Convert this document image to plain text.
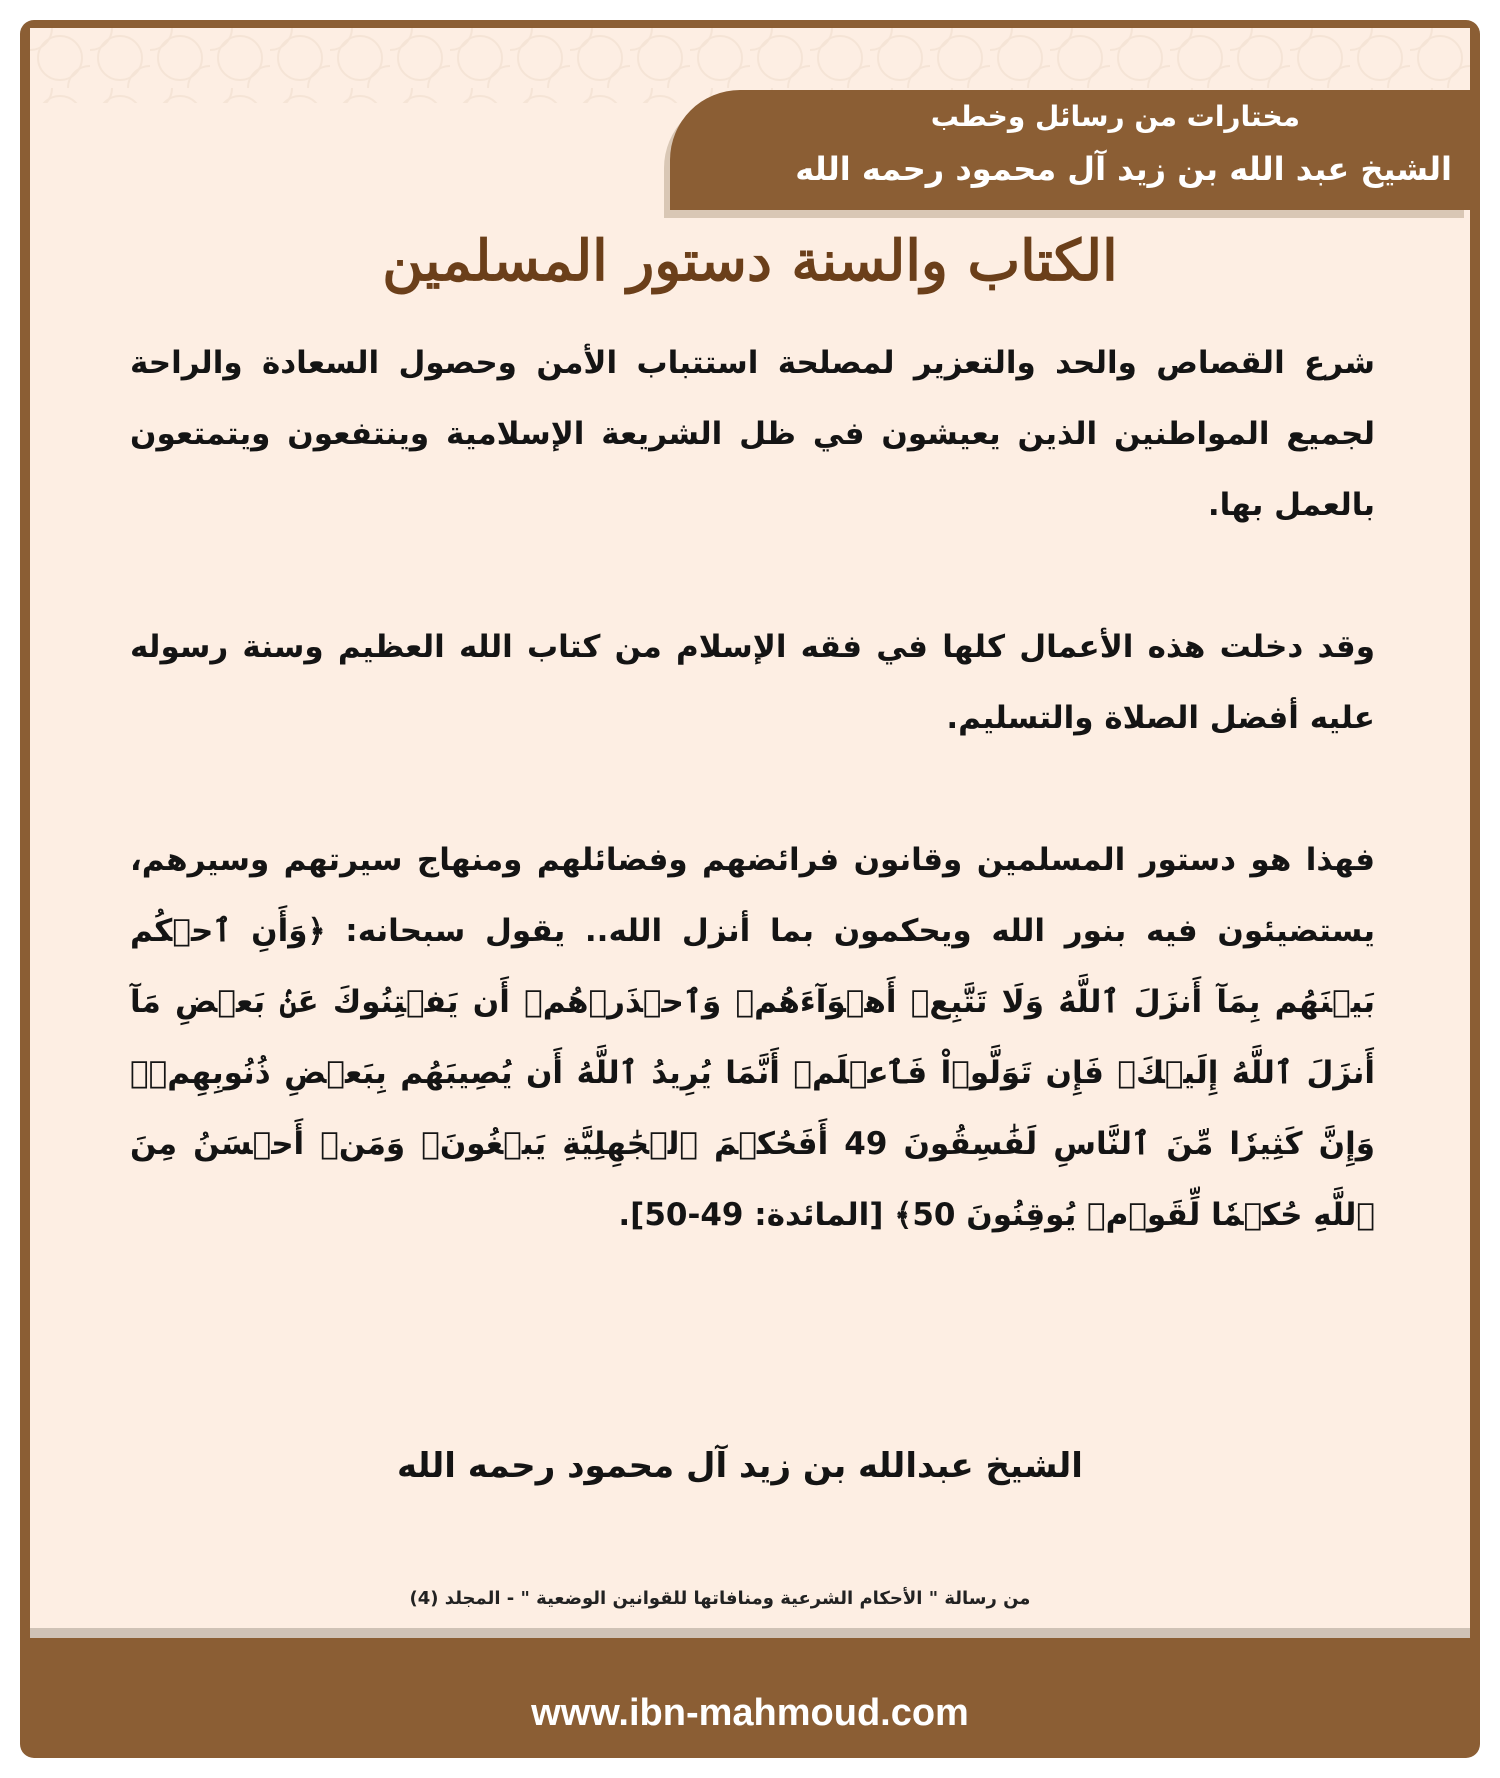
مختارات من رسائل وخطب
الشيخ عبد الله بن زيد آل محمود رحمه الله
الكتاب والسنة دستور المسلمين

شرع القصاص والحد والتعزير لمصلحة استتباب الأمن وحصول السعادة والراحة لجميع المواطنين الذين يعيشون في ظل الشريعة الإسلامية وينتفعون ويتمتعون بالعمل بها.

وقد دخلت هذه الأعمال كلها في فقه الإسلام من كتاب الله العظيم وسنة رسوله عليه أفضل الصلاة والتسليم.

فهذا هو دستور المسلمين وقانون فرائضهم وفضائلهم ومنهاج سيرتهم وسيرهم، يستضيئون فيه بنور الله ويحكمون بما أنزل الله.. يقول سبحانه: ﴿وَأَنِ ٱحۡكُم بَيۡنَهُم بِمَآ أَنزَلَ ٱللَّهُ وَلَا تَتَّبِعۡ أَهۡوَآءَهُمۡ وَٱحۡذَرۡهُمۡ أَن يَفۡتِنُوكَ عَنۢ بَعۡضِ مَآ أَنزَلَ ٱللَّهُ إِلَيۡكَۖ فَإِن تَوَلَّوۡاْ فَٱعۡلَمۡ أَنَّمَا يُرِيدُ ٱللَّهُ أَن يُصِيبَهُم بِبَعۡضِ ذُنُوبِهِمۡۗ وَإِنَّ كَثِيرٗا مِّنَ ٱلنَّاسِ لَفَٰسِقُونَ 49 أَفَحُكۡمَ ٱلۡجَٰهِلِيَّةِ يَبۡغُونَۚ وَمَنۡ أَحۡسَنُ مِنَ ٱللَّهِ حُكۡمٗا لِّقَوۡمٖ يُوقِنُونَ 50﴾ [المائدة: 49-50].

الشيخ عبدالله بن زيد آل محمود رحمه الله
من رسالة " الأحكام الشرعية ومنافاتها للقوانين الوضعية " - المجلد (4)
www.ibn-mahmoud.com
